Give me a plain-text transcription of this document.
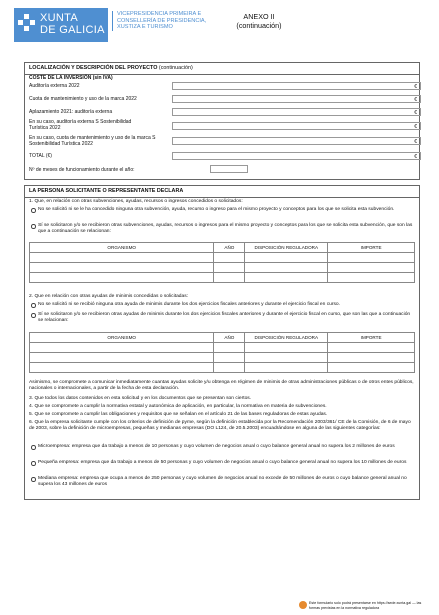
XUNTA
DE GALICIA
VICEPRESIDENCIA PRIMEIRA E
CONSELLERÍA DE PRESIDENCIA,
XUSTIZA E TURISMO
ANEXO II
(continuación)
LOCALIZACIÓN Y DESCRIPCIÓN DEL PROYECTO (continuación)
COSTE DE LA INVERSIÓN (sin IVA)
Auditoría externa 2022	€
Cuota de mantenimiento y uso de la marca 2022	€
Aplazamiento 2021: auditoría externa	€
En su caso, auditoría externa S Sostenibilidad Turística 2022	€
En su caso, cuota de mantenimiento y uso de la marca S Sostenibilidad Turística 2022	€
TOTAL (€)	€
Nº de meses de funcionamiento durante el año:
LA PERSONA SOLICITANTE O REPRESENTANTE DECLARA
1. Que, en relación con otras subvenciones, ayudas, recursos o ingresos concedidos o solicitados:
No se solicitó ni se le ha concedido ninguna otra subvención, ayuda, recurso o ingreso para el mismo proyecto y conceptos para los que se solicita esta subvención.
Sí se solicitaron y/o se recibieron otras subvenciones, ayudas, recursos o ingresos para el mismo proyecto y conceptos para los que se solicita esta subvención, que son las que a continuación se relacionan:
ORGANISMO	AÑO	DISPOSICIÓN REGULADORA	IMPORTE

2. Que en relación con otras ayudas de minimis concedidas o solicitadas:
No se solicitó ni se recibió ninguna otra ayuda de minimis durante los dos ejercicios fiscales anteriores y durante el ejercicio fiscal en curso.
Sí se solicitaron y/o se recibieron otras ayudas de minimis durante los dos ejercicios fiscales anteriores y durante el ejercicio fiscal en curso, que son las que a continuación se relacionan:
ORGANISMO	AÑO	DISPOSICIÓN REGULADORA	IMPORTE

Asimismo, se compromete a comunicar inmediatamente cuantas ayudas solicite y/u obtenga en régimen de minimis de otras administraciones públicas o de otros entes públicos, nacionales o internacionales, a partir de la fecha de esta declaración.
3. Que todos los datos contenidos en esta solicitud y en los documentos que se presentan son ciertos.
4. Que se compromete a cumplir la normativa estatal y autonómica de aplicación, en particular, la normativa en materia de subvenciones.
5. Que se compromete a cumplir las obligaciones y requisitos que se señalan en el artículo 21 de las bases reguladoras de estas ayudas.
6. Que la empresa solicitante cumple con los criterios de definición de pyme, según la definición establecida por la Recomendación 2003/361/ CE de la Comisión, de 6 de mayo de 2003, sobre la definición de microempresas, pequeñas y medianas empresas (DO L124, de 20.5.2003) encuadrándose en alguna de las siguientes categorías:
Microempresa: empresa que da trabajo a menos de 10 personas y cuyo volumen de negocios anual o cuyo balance general anual no supera los 2 millones de euros
Pequeña empresa: empresa que da trabajo a menos de 50 personas y cuyo volumen de negocios anual o cuyo balance general anual no supera los 10 millones de euros
Mediana empresa: empresa que ocupa a menos de 250 personas y cuyo volumen de negocios anual no excede de 50 millones de euros o cuyo balance general anual no supera los 43 millones de euros
Este formulario solo podrá presentarse en https://sede.xunta.gal — las formas previstas en la normativa reguladora
